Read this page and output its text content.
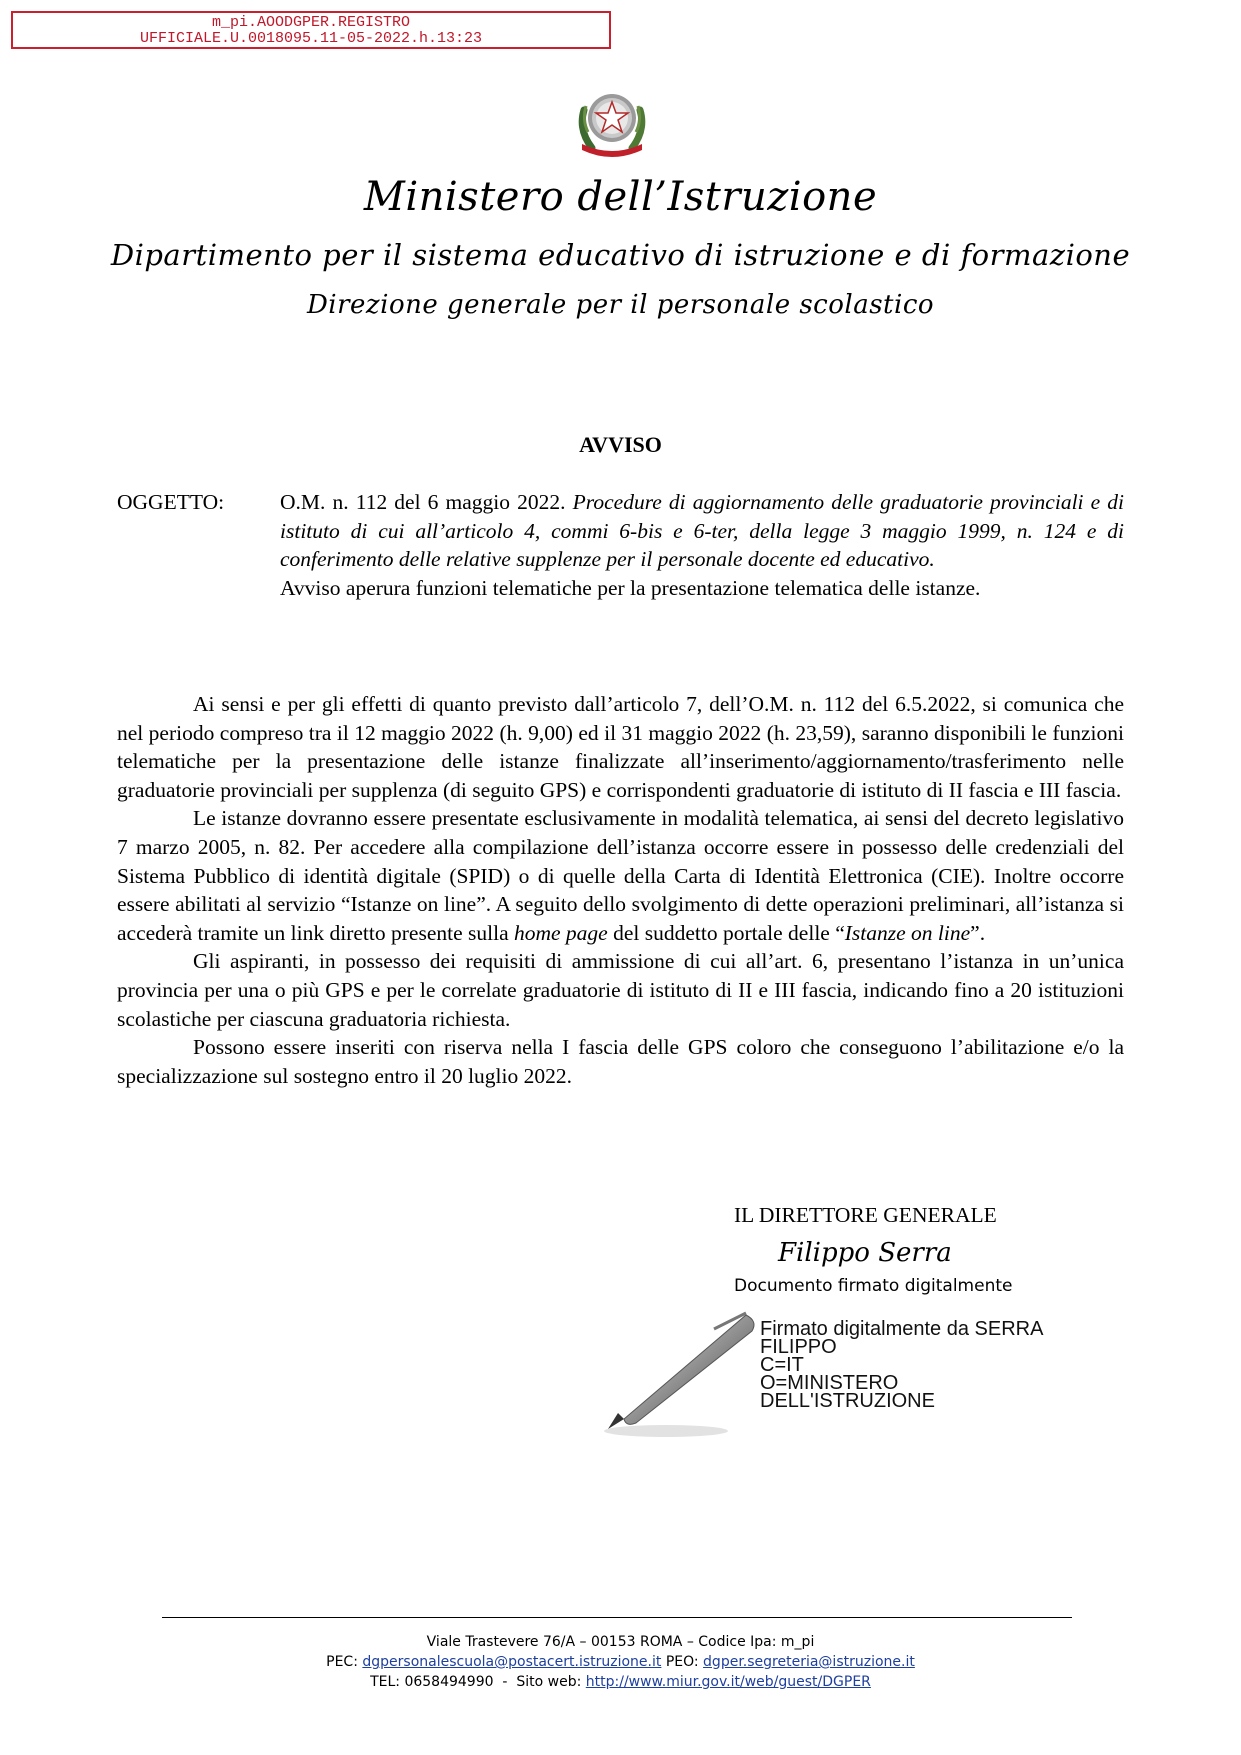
m_pi.AOODGPER.REGISTRO
UFFICIALE.U.0018095.11-05-2022.h.13:23
Ministero dell’Istruzione
Dipartimento per il sistema educativo di istruzione e di formazione
Direzione generale per il personale scolastico
AVVISO
OGGETTO:	O.M. n. 112 del 6 maggio 2022. Procedure di aggiornamento delle graduatorie provinciali e di istituto di cui all’articolo 4, commi 6-bis e 6-ter, della legge 3 maggio 1999, n. 124 e di conferimento delle relative supplenze per il personale docente ed educativo.
Avviso aperura funzioni telematiche per la presentazione telematica delle istanze.

Ai sensi e per gli effetti di quanto previsto dall’articolo 7, dell’O.M. n. 112 del 6.5.2022, si comunica che nel periodo compreso tra il 12 maggio 2022 (h. 9,00) ed il 31 maggio 2022 (h. 23,59), saranno disponibili le funzioni telematiche per la presentazione delle istanze finalizzate all’inserimento/aggiornamento/trasferimento nelle graduatorie provinciali per supplenza (di seguito GPS) e corrispondenti graduatorie di istituto di II fascia e III fascia.

Le istanze dovranno essere presentate esclusivamente in modalità telematica, ai sensi del decreto legislativo 7 marzo 2005, n. 82. Per accedere alla compilazione dell’istanza occorre essere in possesso delle credenziali del Sistema Pubblico di identità digitale (SPID) o di quelle della Carta di Identità Elettronica (CIE). Inoltre occorre essere abilitati al servizio “Istanze on line”. A seguito dello svolgimento di dette operazioni preliminari, all’istanza si accederà tramite un link diretto presente sulla home page del suddetto portale delle “Istanze on line”.

Gli aspiranti, in possesso dei requisiti di ammissione di cui all’art. 6, presentano l’istanza in un’unica provincia per una o più GPS e per le correlate graduatorie di istituto di II e III fascia, indicando fino a 20 istituzioni scolastiche per ciascuna graduatoria richiesta.

Possono essere inseriti con riserva nella I fascia delle GPS coloro che conseguono l’abilitazione e/o la specializzazione sul sostegno entro il 20 luglio 2022.

IL DIRETTORE GENERALE
Filippo Serra
Documento firmato digitalmente
Firmato digitalmente da SERRA
FILIPPO
C=IT
O=MINISTERO
DELL'ISTRUZIONE
Viale Trastevere 76/A – 00153 ROMA – Codice Ipa: m_pi
PEC: dgpersonalescuola@postacert.istruzione.it PEO: dgper.segreteria@istruzione.it
TEL: 0658494990  -  Sito web: http://www.miur.gov.it/web/guest/DGPER
